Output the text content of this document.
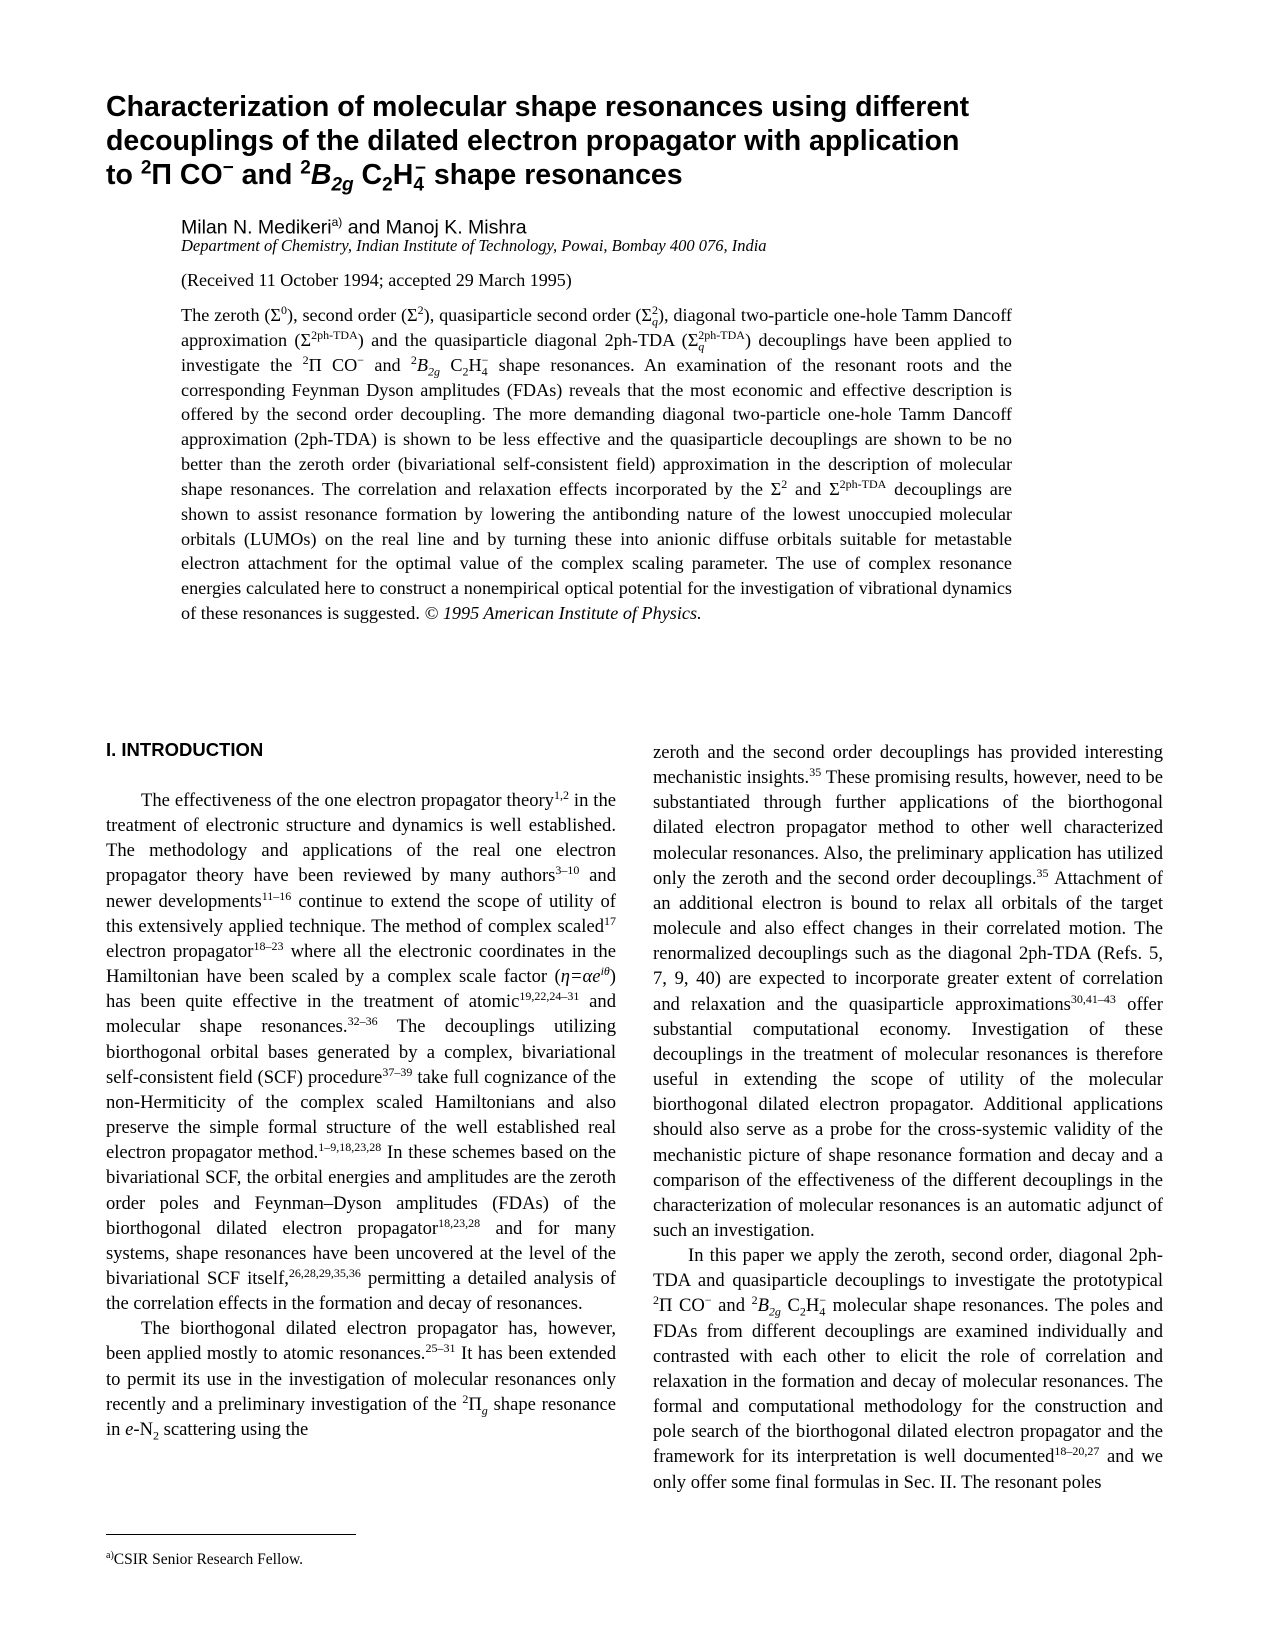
Characterization of molecular shape resonances using different
decouplings of the dilated electron propagator with application
to $^2$Π CO− and $^2B_{2g}$ $C_2H_4^-$ shape resonances
Milan N. Medikeri$^{a)}$ and Manoj K. Mishra
Department of Chemistry, Indian Institute of Technology, Powai, Bombay 400 076, India
(Received 11 October 1994; accepted 29 March 1995)

The zeroth $(\Sigma^0)$, second order $(\Sigma^2)$, quasiparticle second order $(\Sigma_q^2)$, diagonal two-particle one-hole Tamm Dancoff approximation $(\Sigma^{2ph-TDA})$ and the quasiparticle diagonal 2ph-TDA $(\Sigma_q^{2ph-TDA})$ decouplings have been applied to investigate the $^2$Π CO− and $^2B_{2g}$ $C_2H_4^-$ shape resonances. An examination of the resonant roots and the corresponding Feynman Dyson amplitudes (FDAs) reveals that the most economic and effective description is offered by the second order decoupling. The more demanding diagonal two-particle one-hole Tamm Dancoff approximation (2ph-TDA) is shown to be less effective and the quasiparticle decouplings are shown to be no better than the zeroth order (bivariational self-consistent field) approximation in the description of molecular shape resonances. The correlation and relaxation effects incorporated by the $\Sigma^2$ and $\Sigma^{2ph-TDA}$ decouplings are shown to assist resonance formation by lowering the antibonding nature of the lowest unoccupied molecular orbitals (LUMOs) on the real line and by turning these into anionic diffuse orbitals suitable for metastable electron attachment for the optimal value of the complex scaling parameter. The use of complex resonance energies calculated here to construct a nonempirical optical potential for the investigation of vibrational dynamics of these resonances is suggested. © 1995 American Institute of Physics.

I. INTRODUCTION

The effectiveness of the one electron propagator theory$^{1,2}$ in the treatment of electronic structure and dynamics is well established. The methodology and applications of the real one electron propagator theory have been reviewed by many authors$^{3-10}$ and newer developments$^{11-16}$ continue to extend the scope of utility of this extensively applied technique. The method of complex scaled$^{17}$ electron propagator$^{18-23}$ where all the electronic coordinates in the Hamiltonian have been scaled by a complex scale factor $(\eta=\alpha e^{i\theta})$ has been quite effective in the treatment of atomic$^{19,22,24-31}$ and molecular shape resonances.$^{32-36}$ The decouplings utilizing biorthogonal orbital bases generated by a complex, bivariational self-consistent field (SCF) procedure$^{37-39}$ take full cognizance of the non-Hermiticity of the complex scaled Hamiltonians and also preserve the simple formal structure of the well established real electron propagator method.$^{1-9,18,23,28}$ In these schemes based on the bivariational SCF, the orbital energies and amplitudes are the zeroth order poles and Feynman–Dyson amplitudes (FDAs) of the biorthogonal dilated electron propagator$^{18,23,28}$ and for many systems, shape resonances have been uncovered at the level of the bivariational SCF itself,$^{26,28,29,35,36}$ permitting a detailed analysis of the correlation effects in the formation and decay of resonances.

The biorthogonal dilated electron propagator has, however, been applied mostly to atomic resonances.$^{25-31}$ It has been extended to permit its use in the investigation of molecular resonances only recently and a preliminary investigation of the $^2\Pi_g$ shape resonance in $e-N_2$ scattering using the

zeroth and the second order decouplings has provided interesting mechanistic insights.$^{35}$ These promising results, however, need to be substantiated through further applications of the biorthogonal dilated electron propagator method to other well characterized molecular resonances. Also, the preliminary application has utilized only the zeroth and the second order decouplings.$^{35}$ Attachment of an additional electron is bound to relax all orbitals of the target molecule and also effect changes in their correlated motion. The renormalized decouplings such as the diagonal 2ph-TDA (Refs. 5, 7, 9, 40) are expected to incorporate greater extent of correlation and relaxation and the quasiparticle approximations$^{30,41-43}$ offer substantial computational economy. Investigation of these decouplings in the treatment of molecular resonances is therefore useful in extending the scope of utility of the molecular biorthogonal dilated electron propagator. Additional applications should also serve as a probe for the cross-systemic validity of the mechanistic picture of shape resonance formation and decay and a comparison of the effectiveness of the different decouplings in the characterization of molecular resonances is an automatic adjunct of such an investigation.

In this paper we apply the zeroth, second order, diagonal 2ph-TDA and quasiparticle decouplings to investigate the prototypical $^2$Π CO− and $^2B_{2g}$ $C_2H_4^-$ molecular shape resonances. The poles and FDAs from different decouplings are examined individually and contrasted with each other to elicit the role of correlation and relaxation in the formation and decay of molecular resonances. The formal and computational methodology for the construction and pole search of the biorthogonal dilated electron propagator and the framework for its interpretation is well documented$^{18-20,27}$ and we only offer some final formulas in Sec. II. The resonant poles

$^{a)}$CSIR Senior Research Fellow.
